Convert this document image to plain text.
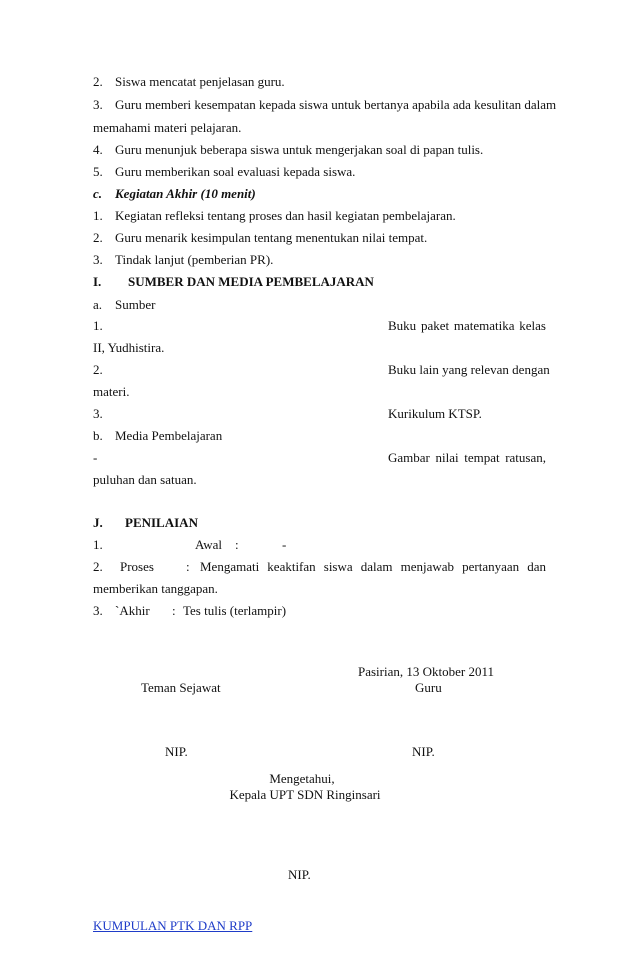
2. Siswa mencatat penjelasan guru.
3. Guru memberi kesempatan kepada siswa untuk bertanya apabila ada kesulitan dalam
memahami materi pelajaran.
4. Guru menunjuk beberapa siswa untuk mengerjakan soal di papan tulis.
5. Guru memberikan soal evaluasi kepada siswa.
c. Kegiatan Akhir (10 menit)
1. Kegiatan refleksi tentang proses dan hasil kegiatan pembelajaran.
2. Guru menarik kesimpulan tentang menentukan nilai tempat.
3. Tindak lanjut (pemberian PR).
I. SUMBER DAN MEDIA PEMBELAJARAN
a. Sumber
1.	Buku paket matematika kelas
II, Yudhistira.
2.	Buku lain yang relevan dengan
materi.
3.	Kurikulum KTSP.
b. Media Pembelajaran
-	Gambar nilai tempat ratusan,
puluhan dan satuan.
J. PENILAIAN
1.	Awal :	-
2. Proses : Mengamati keaktifan siswa dalam menjawab pertanyaan dan
memberikan tanggapan.
3. `Akhir : Tes tulis (terlampir)
Pasirian, 13 Oktober 2011
Teman Sejawat	Guru
NIP.	NIP.
Mengetahui,
Kepala UPT SDN Ringinsari
NIP.
KUMPULAN PTK DAN RPP
